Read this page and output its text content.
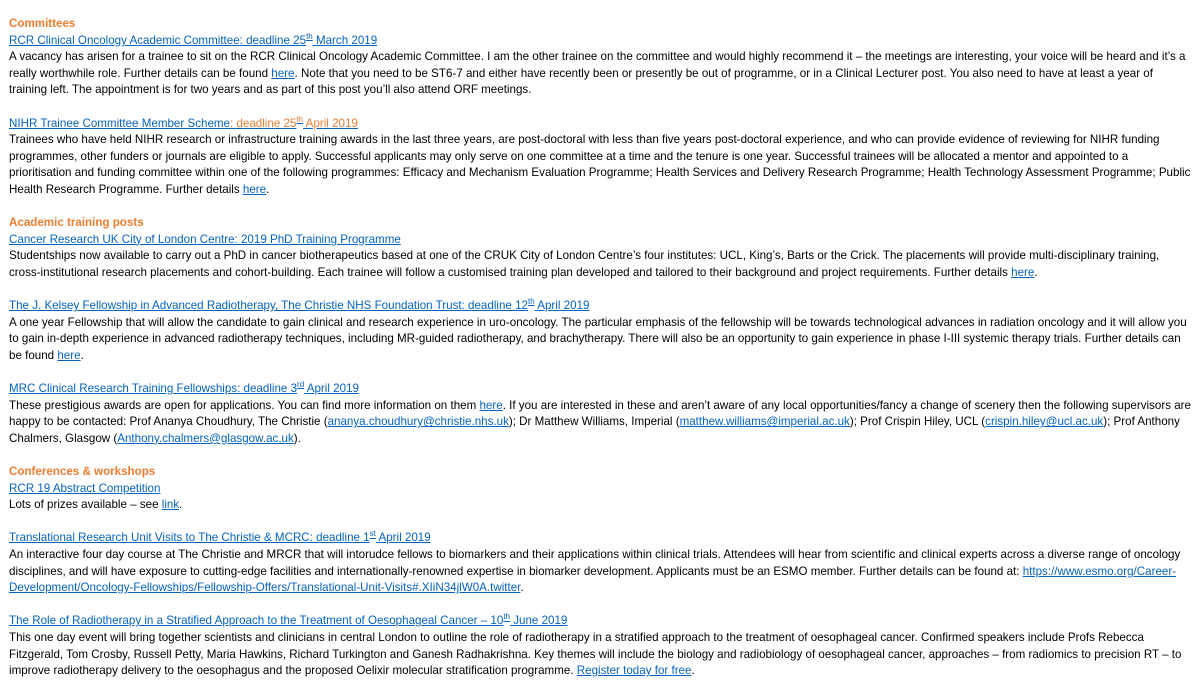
Committees

RCR Clinical Oncology Academic Committee: deadline 25th March 2019

A vacancy has arisen for a trainee to sit on the RCR Clinical Oncology Academic Committee. I am the other trainee on the committee and would highly recommend it – the meetings are interesting, your voice will be heard and it’s a really worthwhile role. Further details can be found here. Note that you need to be ST6-7 and either have recently been or presently be out of programme, or in a Clinical Lecturer post. You also need to have at least a year of training left. The appointment is for two years and as part of this post you’ll also attend ORF meetings.

NIHR Trainee Committee Member Scheme: deadline 25th April 2019

Trainees who have held NIHR research or infrastructure training awards in the last three years, are post-doctoral with less than five years post-doctoral experience, and who can provide evidence of reviewing for NIHR funding programmes, other funders or journals are eligible to apply. Successful applicants may only serve on one committee at a time and the tenure is one year. Successful trainees will be allocated a mentor and appointed to a prioritisation and funding committee within one of the following programmes: Efficacy and Mechanism Evaluation Programme; Health Services and Delivery Research Programme; Health Technology Assessment Programme; Public Health Research Programme. Further details here.

Academic training posts

Cancer Research UK City of London Centre: 2019 PhD Training Programme

Studentships now available to carry out a PhD in cancer biotherapeutics based at one of the CRUK City of London Centre’s four institutes: UCL, King’s, Barts or the Crick. The placements will provide multi-disciplinary training, cross-institutional research placements and cohort-building. Each trainee will follow a customised training plan developed and tailored to their background and project requirements. Further details here.

The J. Kelsey Fellowship in Advanced Radiotherapy, The Christie NHS Foundation Trust: deadline 12th April 2019

A one year Fellowship that will allow the candidate to gain clinical and research experience in uro-oncology. The particular emphasis of the fellowship will be towards technological advances in radiation oncology and it will allow you to gain in-depth experience in advanced radiotherapy techniques, including MR-guided radiotherapy, and brachytherapy. There will also be an opportunity to gain experience in phase I-III systemic therapy trials. Further details can be found here.

MRC Clinical Research Training Fellowships: deadline 3rd April 2019

These prestigious awards are open for applications. You can find more information on them here. If you are interested in these and aren’t aware of any local opportunities/fancy a change of scenery then the following supervisors are happy to be contacted: Prof Ananya Choudhury, The Christie (ananya.choudhury@christie.nhs.uk); Dr Matthew Williams, Imperial (matthew.williams@imperial.ac.uk); Prof Crispin Hiley, UCL (crispin.hiley@ucl.ac.uk); Prof Anthony Chalmers, Glasgow (Anthony.chalmers@glasgow.ac.uk).

Conferences & workshops

RCR 19 Abstract Competition

Lots of prizes available – see link.

Translational Research Unit Visits to The Christie & MCRC: deadline 1st April 2019

An interactive four day course at The Christie and MRCR that will intorudce fellows to biomarkers and their applications within clinical trials. Attendees will hear from scientific and clinical experts across a diverse range of oncology disciplines, and will have exposure to cutting-edge facilities and internationally-renowned expertise in biomarker development. Applicants must be an ESMO member. Further details can be found at: https://www.esmo.org/Career-Development/Oncology-Fellowships/Fellowship-Offers/Translational-Unit-Visits#.XIiN34jlW0A.twitter.

The Role of Radiotherapy in a Stratified Approach to the Treatment of Oesophageal Cancer – 10th June 2019

This one day event will bring together scientists and clinicians in central London to outline the role of radiotherapy in a stratified approach to the treatment of oesophageal cancer. Confirmed speakers include Profs Rebecca Fitzgerald, Tom Crosby, Russell Petty, Maria Hawkins, Richard Turkington and Ganesh Radhakrishna. Key themes will include the biology and radiobiology of oesophageal cancer, approaches – from radiomics to precision RT – to improve radiotherapy delivery to the oesophagus and the proposed Oelixir molecular stratification programme. Register today for free.
